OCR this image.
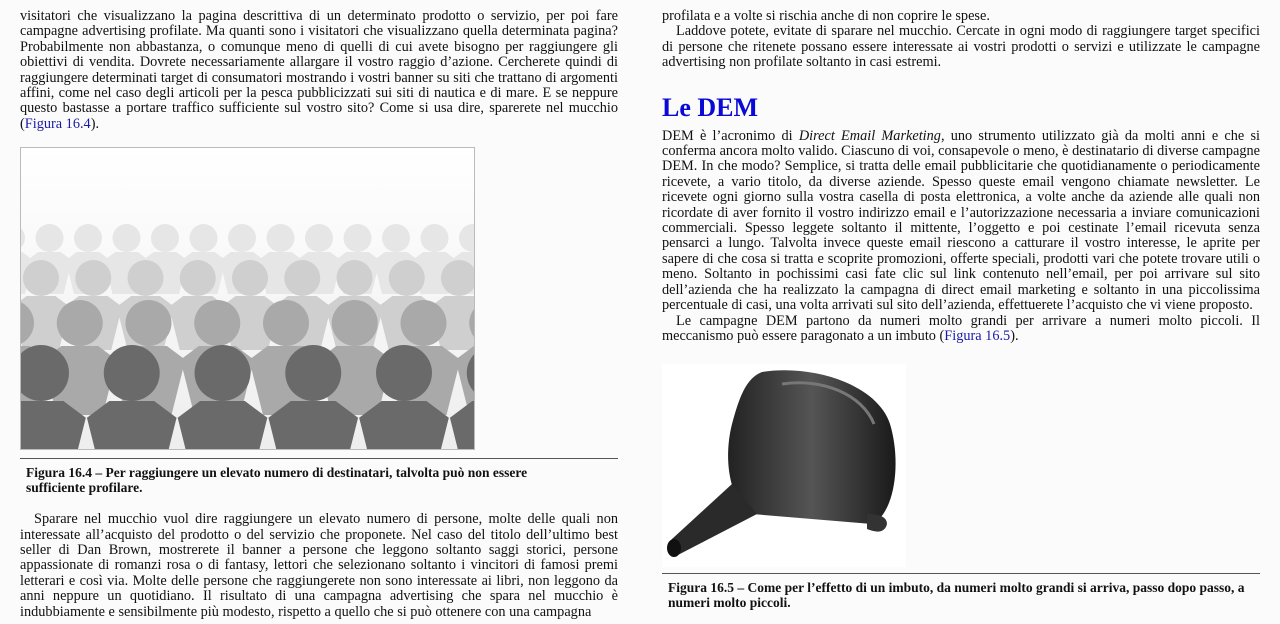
visitatori che visualizzano la pagina descrittiva di un determinato prodotto o servizio, per poi fare campagne advertising profilate. Ma quanti sono i visitatori che visualizzano quella determinata pagina? Probabilmente non abbastanza, o comunque meno di quelli di cui avete bisogno per raggiungere gli obiettivi di vendita. Dovrete necessariamente allargare il vostro raggio d’azione. Cercherete quindi di raggiungere determinati target di consumatori mostrando i vostri banner su siti che trattano di argomenti affini, come nel caso degli articoli per la pesca pubblicizzati sui siti di nautica e di mare. E se neppure questo bastasse a portare traffico sufficiente sul vostro sito? Come si usa dire, sparerete nel mucchio (Figura 16.4).

Figura 16.4 – Per raggiungere un elevato numero di destinatari, talvolta può non essere sufficiente profilare.

Sparare nel mucchio vuol dire raggiungere un elevato numero di persone, molte delle quali non interessate all’acquisto del prodotto o del servizio che proponete. Nel caso del titolo dell’ultimo best seller di Dan Brown, mostrerete il banner a persone che leggono soltanto saggi storici, persone appassionate di romanzi rosa o di fantasy, lettori che selezionano soltanto i vincitori di famosi premi letterari e così via. Molte delle persone che raggiungerete non sono interessate ai libri, non leggono da anni neppure un quotidiano. Il risultato di una campagna advertising che spara nel mucchio è indubbiamente e sensibilmente più modesto, rispetto a quello che si può ottenere con una campagna

profilata e a volte si rischia anche di non coprire le spese.

Laddove potete, evitate di sparare nel mucchio. Cercate in ogni modo di raggiungere target specifici di persone che ritenete possano essere interessate ai vostri prodotti o servizi e utilizzate le campagne advertising non profilate soltanto in casi estremi.

Le DEM

DEM è l’acronimo di Direct Email Marketing, uno strumento utilizzato già da molti anni e che si conferma ancora molto valido. Ciascuno di voi, consapevole o meno, è destinatario di diverse campagne DEM. In che modo? Semplice, si tratta delle email pubblicitarie che quotidianamente o periodicamente ricevete, a vario titolo, da diverse aziende. Spesso queste email vengono chiamate newsletter. Le ricevete ogni giorno sulla vostra casella di posta elettronica, a volte anche da aziende alle quali non ricordate di aver fornito il vostro indirizzo email e l’autorizzazione necessaria a inviare comunicazioni commerciali. Spesso leggete soltanto il mittente, l’oggetto e poi cestinate l’email ricevuta senza pensarci a lungo. Talvolta invece queste email riescono a catturare il vostro interesse, le aprite per sapere di che cosa si tratta e scoprite promozioni, offerte speciali, prodotti vari che potete trovare utili o meno. Soltanto in pochissimi casi fate clic sul link contenuto nell’email, per poi arrivare sul sito dell’azienda che ha realizzato la campagna di direct email marketing e soltanto in una piccolissima percentuale di casi, una volta arrivati sul sito dell’azienda, effettuerete l’acquisto che vi viene proposto.

Le campagne DEM partono da numeri molto grandi per arrivare a numeri molto piccoli. Il meccanismo può essere paragonato a un imbuto (Figura 16.5).

Figura 16.5 – Come per l’effetto di un imbuto, da numeri molto grandi si arriva, passo dopo passo, a numeri molto piccoli.
